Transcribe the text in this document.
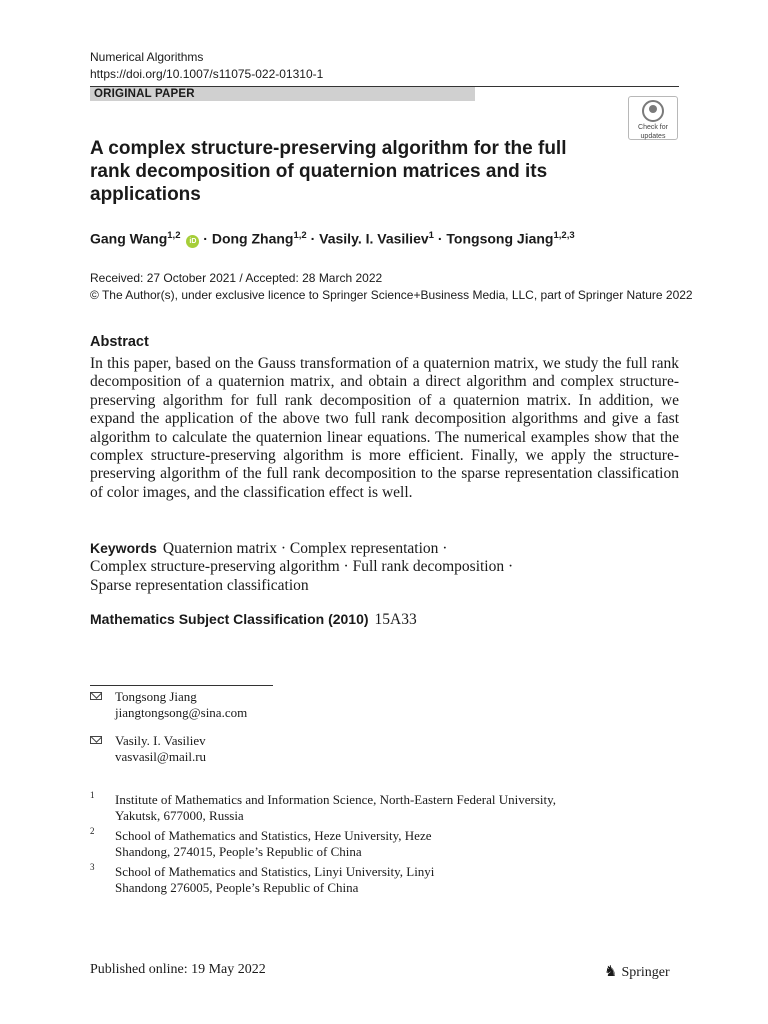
Numerical Algorithms
https://doi.org/10.1007/s11075-022-01310-1
ORIGINAL PAPER
Check for
updates
A complex structure-preserving algorithm for the full rank decomposition of quaternion matrices and its applications
Gang Wang$^{1,2}$ iD · Dong Zhang$^{1,2}$ · Vasily. I. Vasiliev$^1$ · Tongsong Jiang$^{1,2,3}$
Received: 27 October 2021 / Accepted: 28 March 2022
© The Author(s), under exclusive licence to Springer Science+Business Media, LLC, part of Springer Nature 2022
Abstract
In this paper, based on the Gauss transformation of a quaternion matrix, we study the full rank decomposition of a quaternion matrix, and obtain a direct algorithm and complex structure-preserving algorithm for full rank decomposition of a quaternion matrix. In addition, we expand the application of the above two full rank decomposition algorithms and give a fast algorithm to calculate the quaternion linear equations. The numerical examples show that the complex structure-preserving algorithm is more efficient. Finally, we apply the structure-preserving algorithm of the full rank decomposition to the sparse representation classification of color images, and the classification effect is well.
Keywords Quaternion matrix · Complex representation ·
Complex structure-preserving algorithm · Full rank decomposition ·
Sparse representation classification
Mathematics Subject Classification (2010) 15A33
Tongsong Jiang
jiangtongsong@sina.com
Vasily. I. Vasiliev
vasvasil@mail.ru
1 Institute of Mathematics and Information Science, North-Eastern Federal University,
Yakutsk, 677000, Russia
2 School of Mathematics and Statistics, Heze University, Heze
Shandong, 274015, People’s Republic of China
3 School of Mathematics and Statistics, Linyi University, Linyi
Shandong 276005, People’s Republic of China
Published online: 19 May 2022	♞ Springer
